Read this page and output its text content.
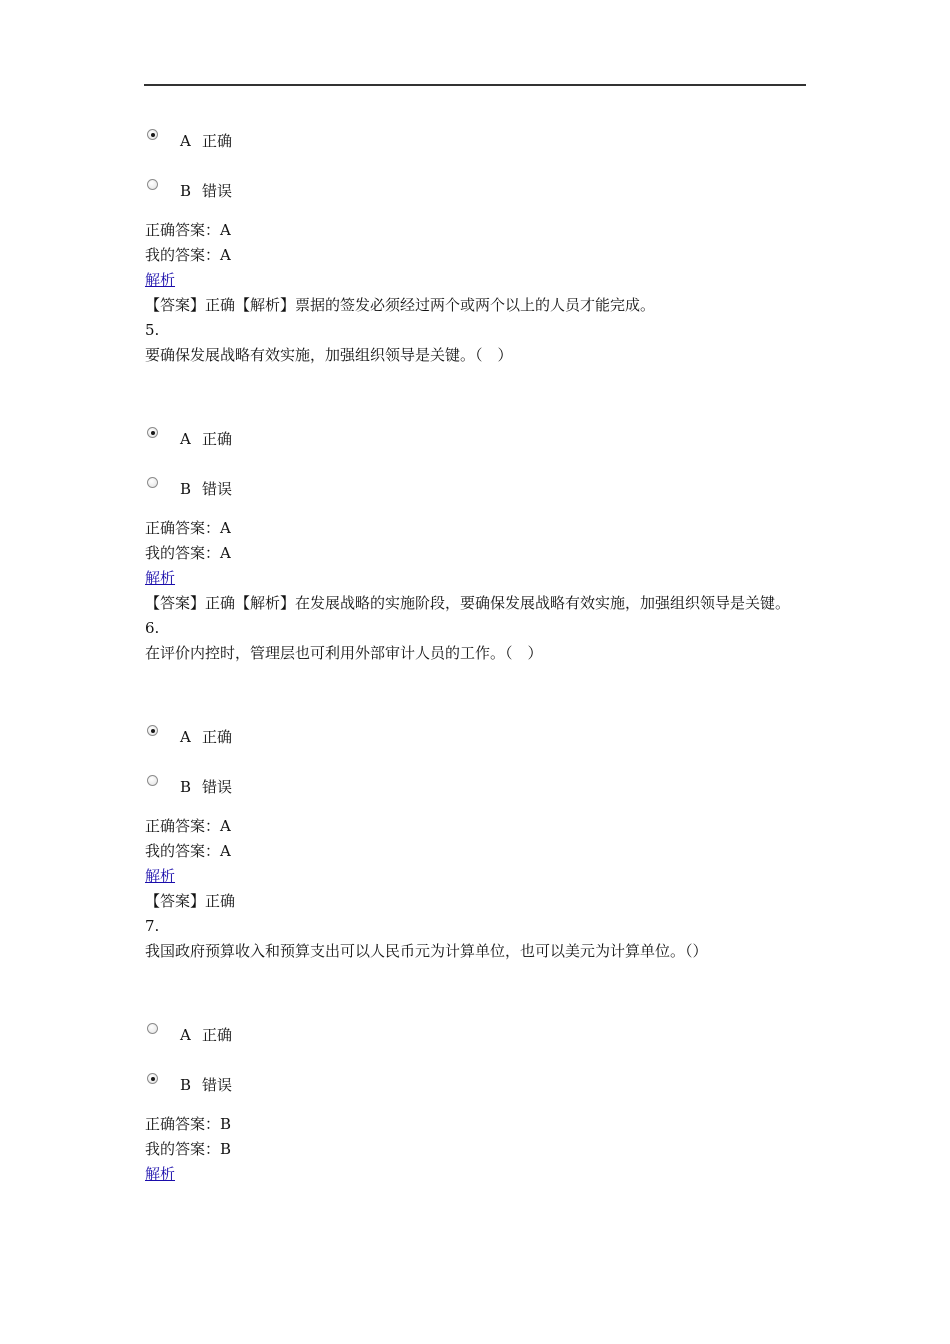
A 正确
B 错误
正确答案：A
我的答案：A
解析
【答案】正确【解析】票据的签发必须经过两个或两个以上的人员才能完成。
5.
要确保发展战略有效实施，加强组织领导是关键。（　）
A 正确
B 错误
正确答案：A
我的答案：A
解析
【答案】正确【解析】在发展战略的实施阶段，要确保发展战略有效实施，加强组织领导是关键。
6.
在评价内控时，管理层也可利用外部审计人员的工作。（　）
A 正确
B 错误
正确答案：A
我的答案：A
解析
【答案】正确
7.
我国政府预算收入和预算支出可以人民币元为计算单位，也可以美元为计算单位。（）
A 正确
B 错误
正确答案：B
我的答案：B
解析
